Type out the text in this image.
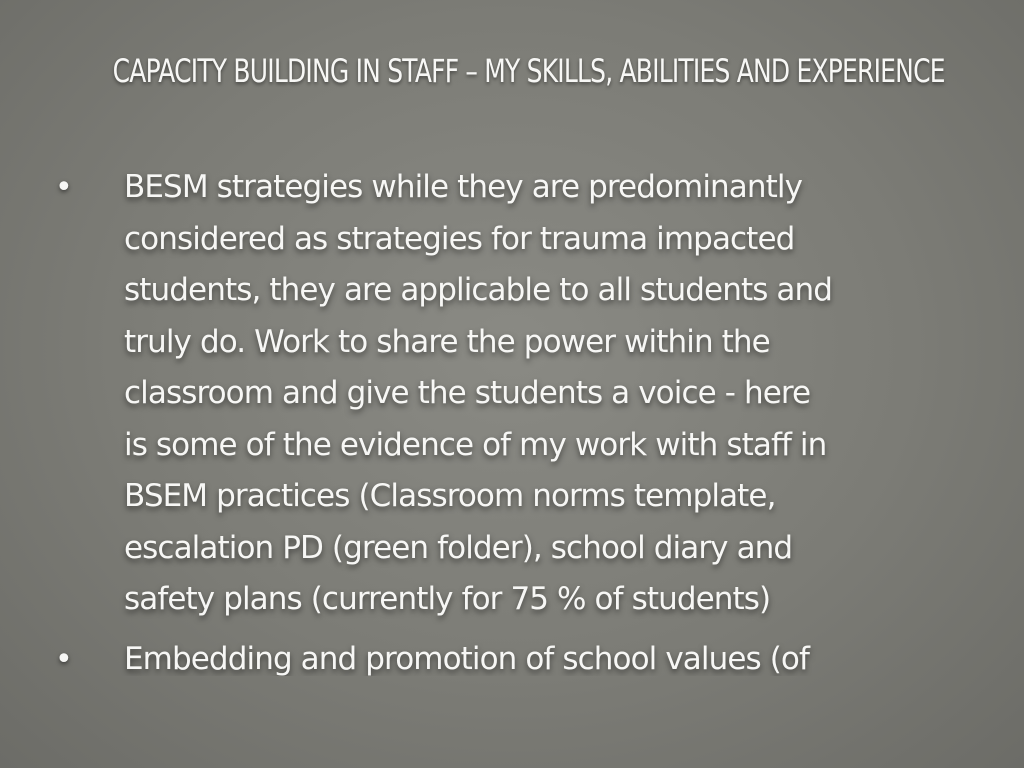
CAPACITY BUILDING IN STAFF – MY SKILLS, ABILITIES AND EXPERIENCE
• BESM strategies while they are predominantly
considered as strategies for trauma impacted
students, they are applicable to all students and
truly do. Work to share the power within the
classroom and give the students a voice - here
is some of the evidence of my work with staff in
BSEM practices (Classroom norms template,
escalation PD (green folder), school diary and
safety plans (currently for 75 % of students)
• Embedding and promotion of school values (of
